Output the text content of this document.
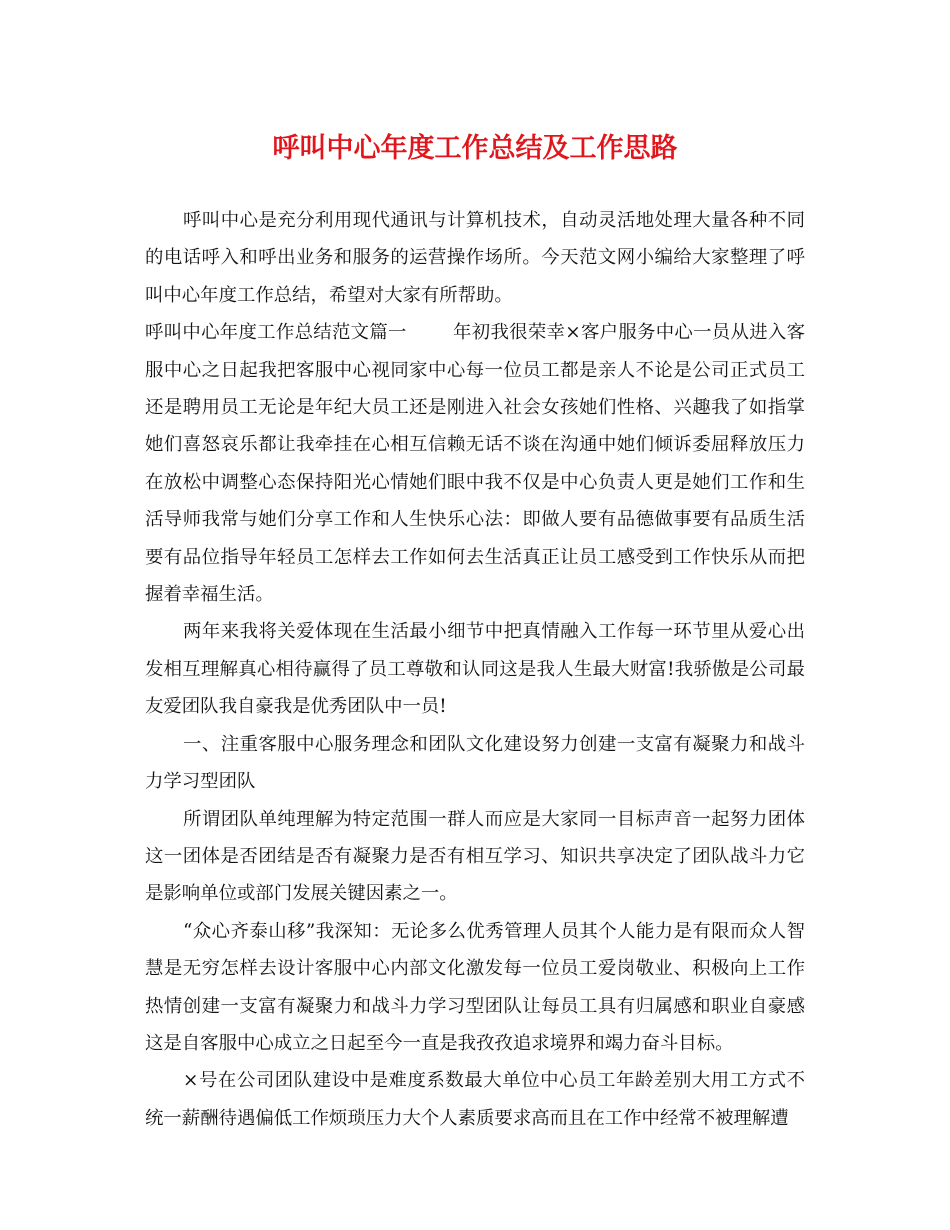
呼叫中心年度工作总结及工作思路

呼叫中心是充分利用现代通讯与计算机技术，自动灵活地处理大量各种不同的电话呼入和呼出业务和服务的运营操作场所。今天范文网小编给大家整理了呼叫中心年度工作总结，希望对大家有所帮助。

呼叫中心年度工作总结范文篇一	年初我很荣幸×客户服务中心一员从进入客服中心之日起我把客服中心视同家中心每一位员工都是亲人不论是公司正式员工还是聘用员工无论是年纪大员工还是刚进入社会女孩她们性格、兴趣我了如指掌她们喜怒哀乐都让我牵挂在心相互信赖无话不谈在沟通中她们倾诉委屈释放压力在放松中调整心态保持阳光心情她们眼中我不仅是中心负责人更是她们工作和生活导师我常与她们分享工作和人生快乐心法：即做人要有品德做事要有品质生活要有品位指导年轻员工怎样去工作如何去生活真正让员工感受到工作快乐从而把握着幸福生活。

两年来我将关爱体现在生活最小细节中把真情融入工作每一环节里从爱心出发相互理解真心相待赢得了员工尊敬和认同这是我人生最大财富!我骄傲是公司最友爱团队我自豪我是优秀团队中一员!

一、注重客服中心服务理念和团队文化建设努力创建一支富有凝聚力和战斗力学习型团队

所谓团队单纯理解为特定范围一群人而应是大家同一目标声音一起努力团体这一团体是否团结是否有凝聚力是否有相互学习、知识共享决定了团队战斗力它是影响单位或部门发展关键因素之一。

“众心齐泰山移”我深知：无论多么优秀管理人员其个人能力是有限而众人智慧是无穷怎样去设计客服中心内部文化激发每一位员工爱岗敬业、积极向上工作热情创建一支富有凝聚力和战斗力学习型团队让每员工具有归属感和职业自豪感这是自客服中心成立之日起至今一直是我孜孜追求境界和竭力奋斗目标。

×号在公司团队建设中是难度系数最大单位中心员工年龄差别大用工方式不统一薪酬待遇偏低工作烦琐压力大个人素质要求高而且在工作中经常不被理解遭
